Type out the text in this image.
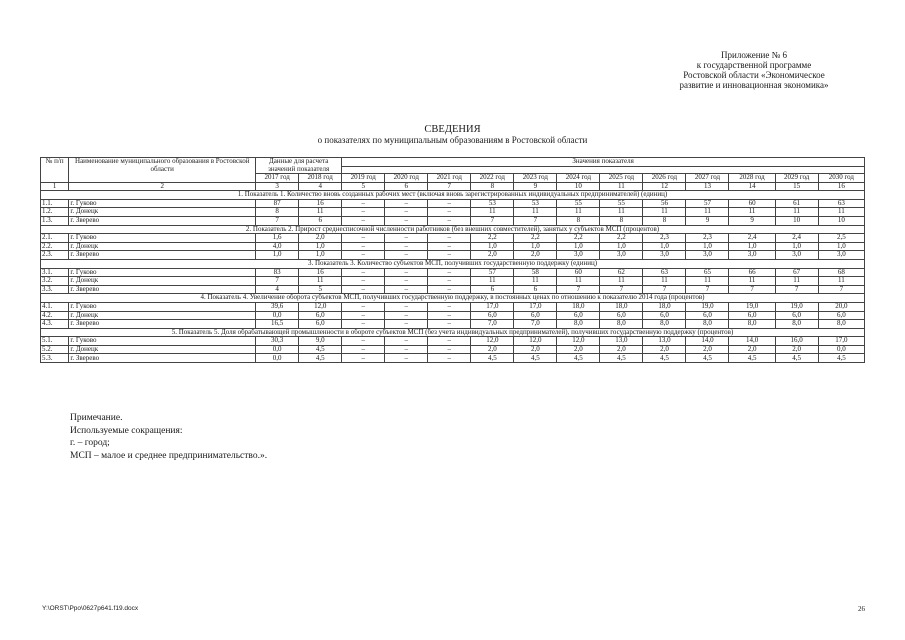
Приложение № 6
к государственной программе
Ростовской области «Экономическое
развитие и инновационная экономика»
СВЕДЕНИЯ
о показателях по муниципальным образованиям в Ростовской области
№ п/п	Наименование муниципального образования в Ростовской области	Данные для расчета значений показателя		Значения показателя											

		2017 год	2018 год	2019 год	2020 год	2021 год	2022 год	2023 год	2024 год	2025 год	2026 год	2027 год	2028 год	2029 год	2030 год
1	2	3	4	5	6	7	8	9	10	11	12	13	14	15	16
1. Показатель 1. Количество вновь созданных рабочих мест (включая вновь зарегистрированных индивидуальных предпринимателей) (единиц)															
1.1.	г. Гуково	87	16	–	–	–	53	53	55	55	56	57	60	61	63
1.2.	г. Донецк	8	11	–	–	–	11	11	11	11	11	11	11	11	11
1.3.	г. Зверево	7	6	–	–	–	7	7	8	8	8	9	9	10	10
2. Показатель 2. Прирост среднесписочной численности работников (без внешних совместителей), занятых у субъектов МСП (процентов)															
2.1.	г. Гуково	1,6	2,0	–	–	–	2,2	2,2	2,2	2,2	2,3	2,3	2,4	2,4	2,5
2.2.	г. Донецк	4,0	1,0	–	–	–	1,0	1,0	1,0	1,0	1,0	1,0	1,0	1,0	1,0
2.3.	г. Зверево	1,0	1,0	–	–	–	2,0	2,0	3,0	3,0	3,0	3,0	3,0	3,0	3,0
3. Показатель 3. Количество субъектов МСП, получивших государственную поддержку (единиц)															
3.1.	г. Гуково	83	16	–	–	–	57	58	60	62	63	65	66	67	68
3.2.	г. Донецк	7	11	–	–	–	11	11	11	11	11	11	11	11	11
3.3.	г. Зверево	4	5	–	–	–	6	6	7	7	7	7	7	7	7
4. Показатель 4. Увеличение оборота субъектов МСП, получивших государственную поддержку, в постоянных ценах по отношению к показателю 2014 года (процентов)															
4.1.	г. Гуково	39,6	12,0	–	–	–	17,0	17,0	18,0	18,0	18,0	19,0	19,0	19,0	20,0
4.2.	г. Донецк	0,0	6,0	–	–	–	6,0	6,0	6,0	6,0	6,0	6,0	6,0	6,0	6,0
4.3.	г. Зверево	16,5	6,0	–	–	–	7,0	7,0	8,0	8,0	8,0	8,0	8,0	8,0	8,0
5. Показатель 5. Доля обрабатывающей промышленности в обороте субъектов МСП (без учета индивидуальных предпринимателей), получивших государственную поддержку (процентов)															
5.1.	г. Гуково	30,3	9,0	–	–	–	12,0	12,0	12,0	13,0	13,0	14,0	14,0	16,0	17,0
5.2.	г. Донецк	0,0	4,5	–	–	–	2,0	2,0	2,0	2,0	2,0	2,0	2,0	2,0	0,0
5.3.	г. Зверево	0,0	4,5	–	–	–	4,5	4,5	4,5	4,5	4,5	4,5	4,5	4,5	4,5
Примечание.
Используемые сокращения:
г. – город;
МСП – малое и среднее предпринимательство.».
Y:\ORST\Ppo\0627p641.f19.docx	26
